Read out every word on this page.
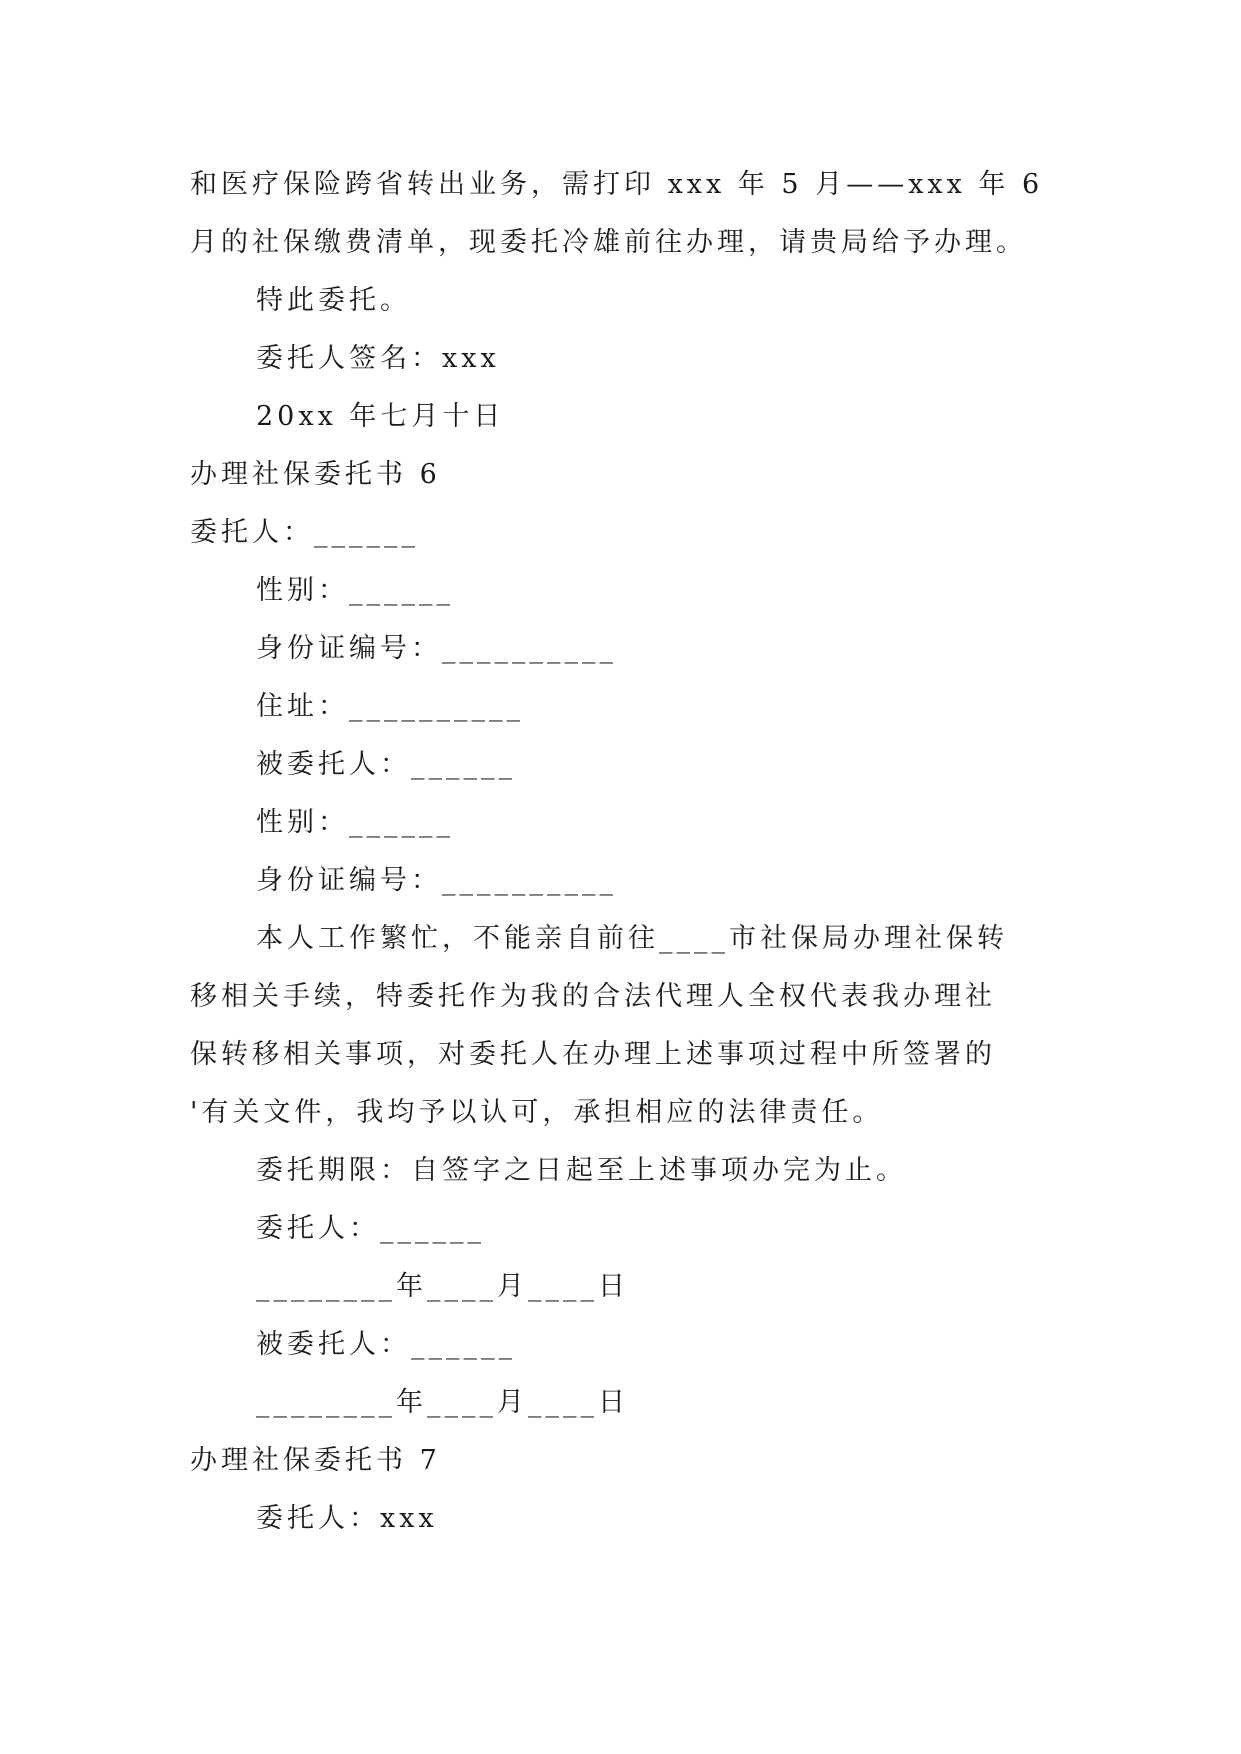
和医疗保险跨省转出业务，需打印 xxx 年 5 月——xxx 年 6
月的社保缴费清单，现委托冷雄前往办理，请贵局给予办理。
特此委托。
委托人签名：xxx
20xx 年七月十日
办理社保委托书 6
委托人：______
性别：______
身份证编号：__________
住址：__________
被委托人：______
性别：______
身份证编号：__________
本人工作繁忙，不能亲自前往____市社保局办理社保转
移相关手续，特委托作为我的合法代理人全权代表我办理社
保转移相关事项，对委托人在办理上述事项过程中所签署的
'有关文件，我均予以认可，承担相应的法律责任。
委托期限：自签字之日起至上述事项办完为止。
委托人：______
________年____月____日
被委托人：______
________年____月____日
办理社保委托书 7
委托人：xxx
